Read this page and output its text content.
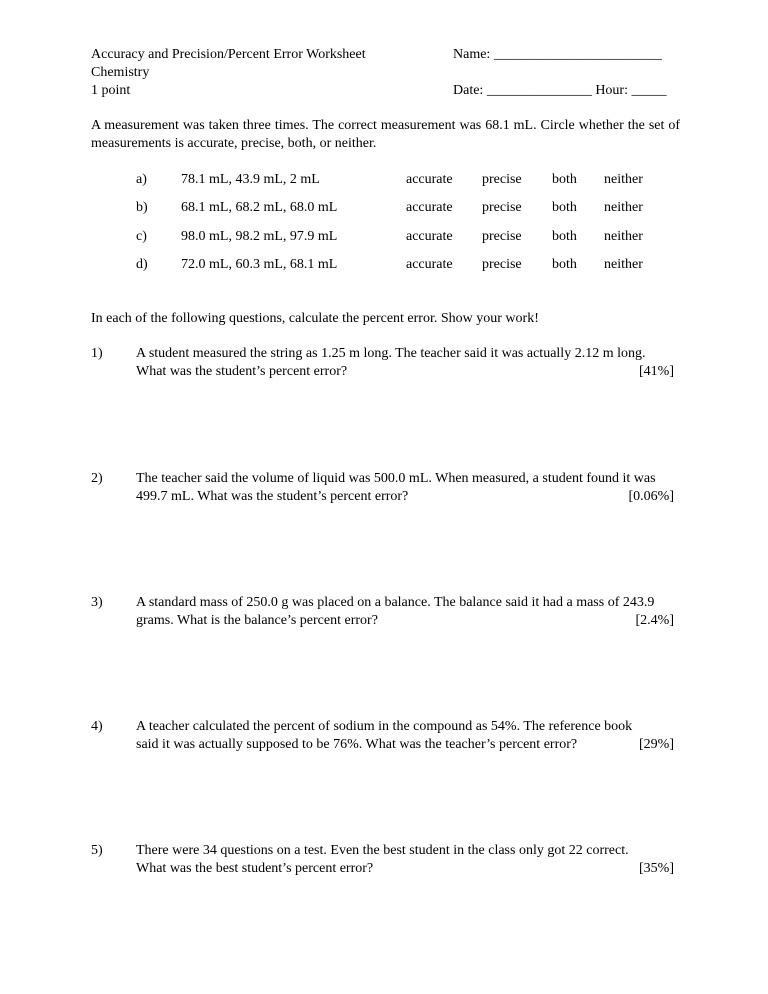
Accuracy and Precision/Percent Error Worksheet
Chemistry
1 point
Name: ________________________
Date: _______________ Hour: _____
A measurement was taken three times. The correct measurement was 68.1 mL. Circle whether the set of measurements is accurate, precise, both, or neither.
a) 78.1 mL, 43.9 mL, 2 mL	accurate precise both neither
b) 68.1 mL, 68.2 mL, 68.0 mL	accurate precise both neither
c) 98.0 mL, 98.2 mL, 97.9 mL	accurate precise both neither
d) 72.0 mL, 60.3 mL, 68.1 mL	accurate precise both neither
In each of the following questions, calculate the percent error. Show your work!
1) A student measured the string as 1.25 m long. The teacher said it was actually 2.12 m long.
What was the student’s percent error?	[41%]
2) The teacher said the volume of liquid was 500.0 mL. When measured, a student found it was
499.7 mL. What was the student’s percent error?	[0.06%]
3) A standard mass of 250.0 g was placed on a balance. The balance said it had a mass of 243.9
grams. What is the balance’s percent error?	[2.4%]
4) A teacher calculated the percent of sodium in the compound as 54%. The reference book
said it was actually supposed to be 76%. What was the teacher’s percent error?	[29%]
5) There were 34 questions on a test. Even the best student in the class only got 22 correct.
What was the best student’s percent error?	[35%]
